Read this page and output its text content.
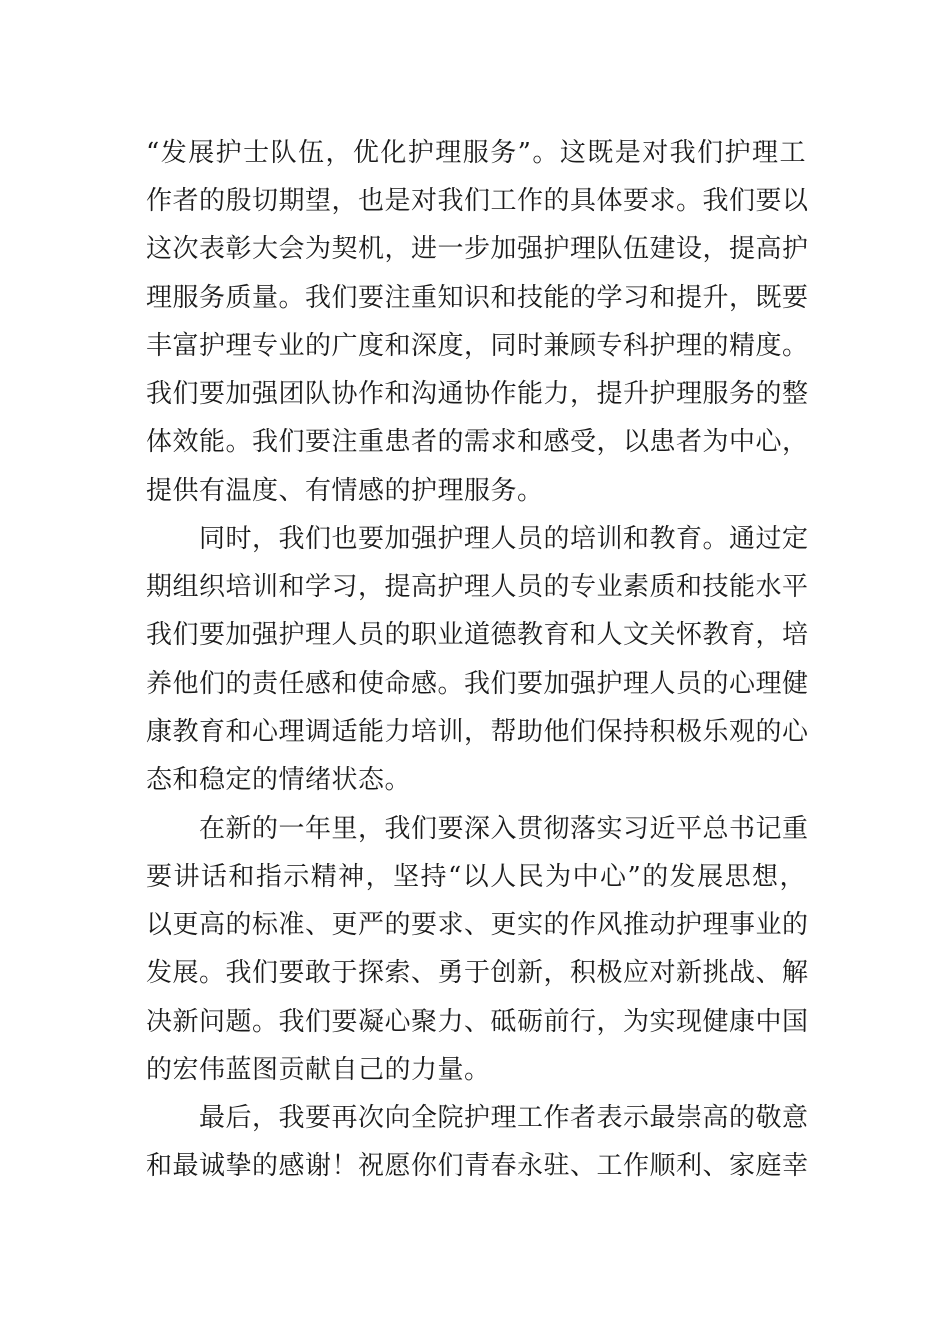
“发展护士队伍，优化护理服务”。这既是对我们护理工
作者的殷切期望，也是对我们工作的具体要求。我们要以
这次表彰大会为契机，进一步加强护理队伍建设，提高护
理服务质量。我们要注重知识和技能的学习和提升，既要
丰富护理专业的广度和深度，同时兼顾专科护理的精度。
我们要加强团队协作和沟通协作能力，提升护理服务的整
体效能。我们要注重患者的需求和感受，以患者为中心，
提供有温度、有情感的护理服务。
同时，我们也要加强护理人员的培训和教育。通过定
期组织培训和学习，提高护理人员的专业素质和技能水平
我们要加强护理人员的职业道德教育和人文关怀教育，培
养他们的责任感和使命感。我们要加强护理人员的心理健
康教育和心理调适能力培训，帮助他们保持积极乐观的心
态和稳定的情绪状态。
在新的一年里，我们要深入贯彻落实习近平总书记重
要讲话和指示精神，坚持“以人民为中心”的发展思想，
以更高的标准、更严的要求、更实的作风推动护理事业的
发展。我们要敢于探索、勇于创新，积极应对新挑战、解
决新问题。我们要凝心聚力、砥砺前行，为实现健康中国
的宏伟蓝图贡献自己的力量。
最后，我要再次向全院护理工作者表示最崇高的敬意
和最诚挚的感谢！祝愿你们青春永驻、工作顺利、家庭幸
